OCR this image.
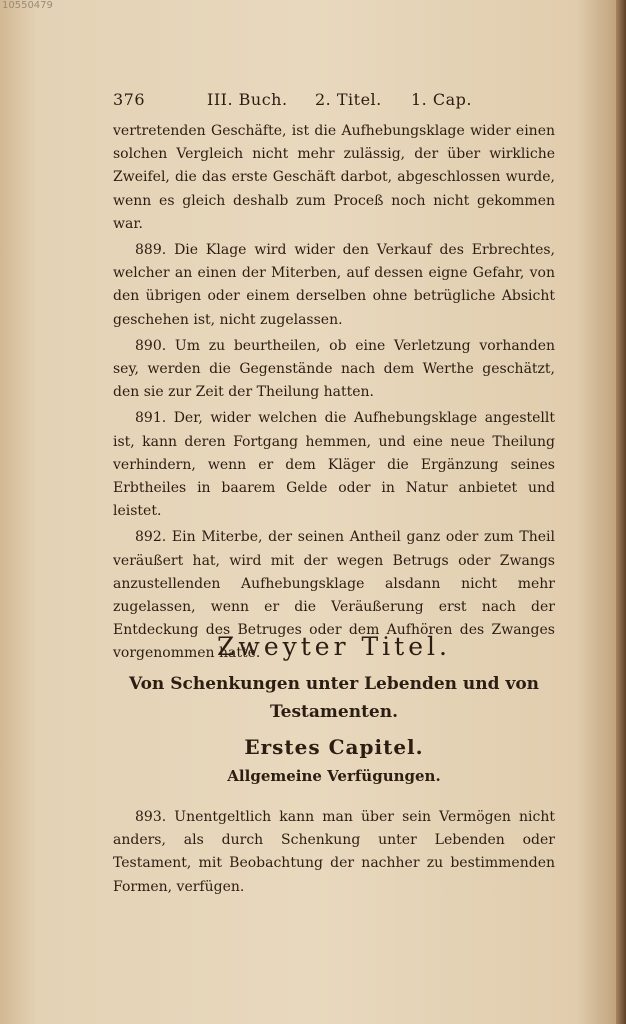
10550479
376	III. Buch.	2. Titel.	1. Cap.

vertretenden Geschäfte, ist die Aufhebungsklage wider einen solchen Vergleich nicht mehr zulässig, der über wirkliche Zweifel, die das erste Geschäft darbot, abgeschlossen wurde, wenn es gleich deshalb zum Proceß noch nicht gekommen war.

889. Die Klage wird wider den Verkauf des Erbrechtes, welcher an einen der Miterben, auf dessen eigne Gefahr, von den übrigen oder einem derselben ohne betrügliche Absicht geschehen ist, nicht zugelassen.

890. Um zu beurtheilen, ob eine Verletzung vorhanden sey, werden die Gegenstände nach dem Werthe geschätzt, den sie zur Zeit der Theilung hatten.

891. Der, wider welchen die Aufhebungsklage angestellt ist, kann deren Fortgang hemmen, und eine neue Theilung verhindern, wenn er dem Kläger die Ergänzung seines Erbtheiles in baarem Gelde oder in Natur anbietet und leistet.

892. Ein Miterbe, der seinen Antheil ganz oder zum Theil veräußert hat, wird mit der wegen Betrugs oder Zwangs anzustellenden Aufhebungsklage alsdann nicht mehr zugelassen, wenn er die Veräußerung erst nach der Entdeckung des Betruges oder dem Aufhören des Zwanges vorgenommen hatte.

Zweyter Titel.
Von Schenkungen unter Lebenden und von Testamenten.
Erstes Capitel.
Allgemeine Verfügungen.

893. Unentgeltlich kann man über sein Vermögen nicht anders, als durch Schenkung unter Lebenden oder Testament, mit Beobachtung der nachher zu bestimmenden Formen, verfügen.
